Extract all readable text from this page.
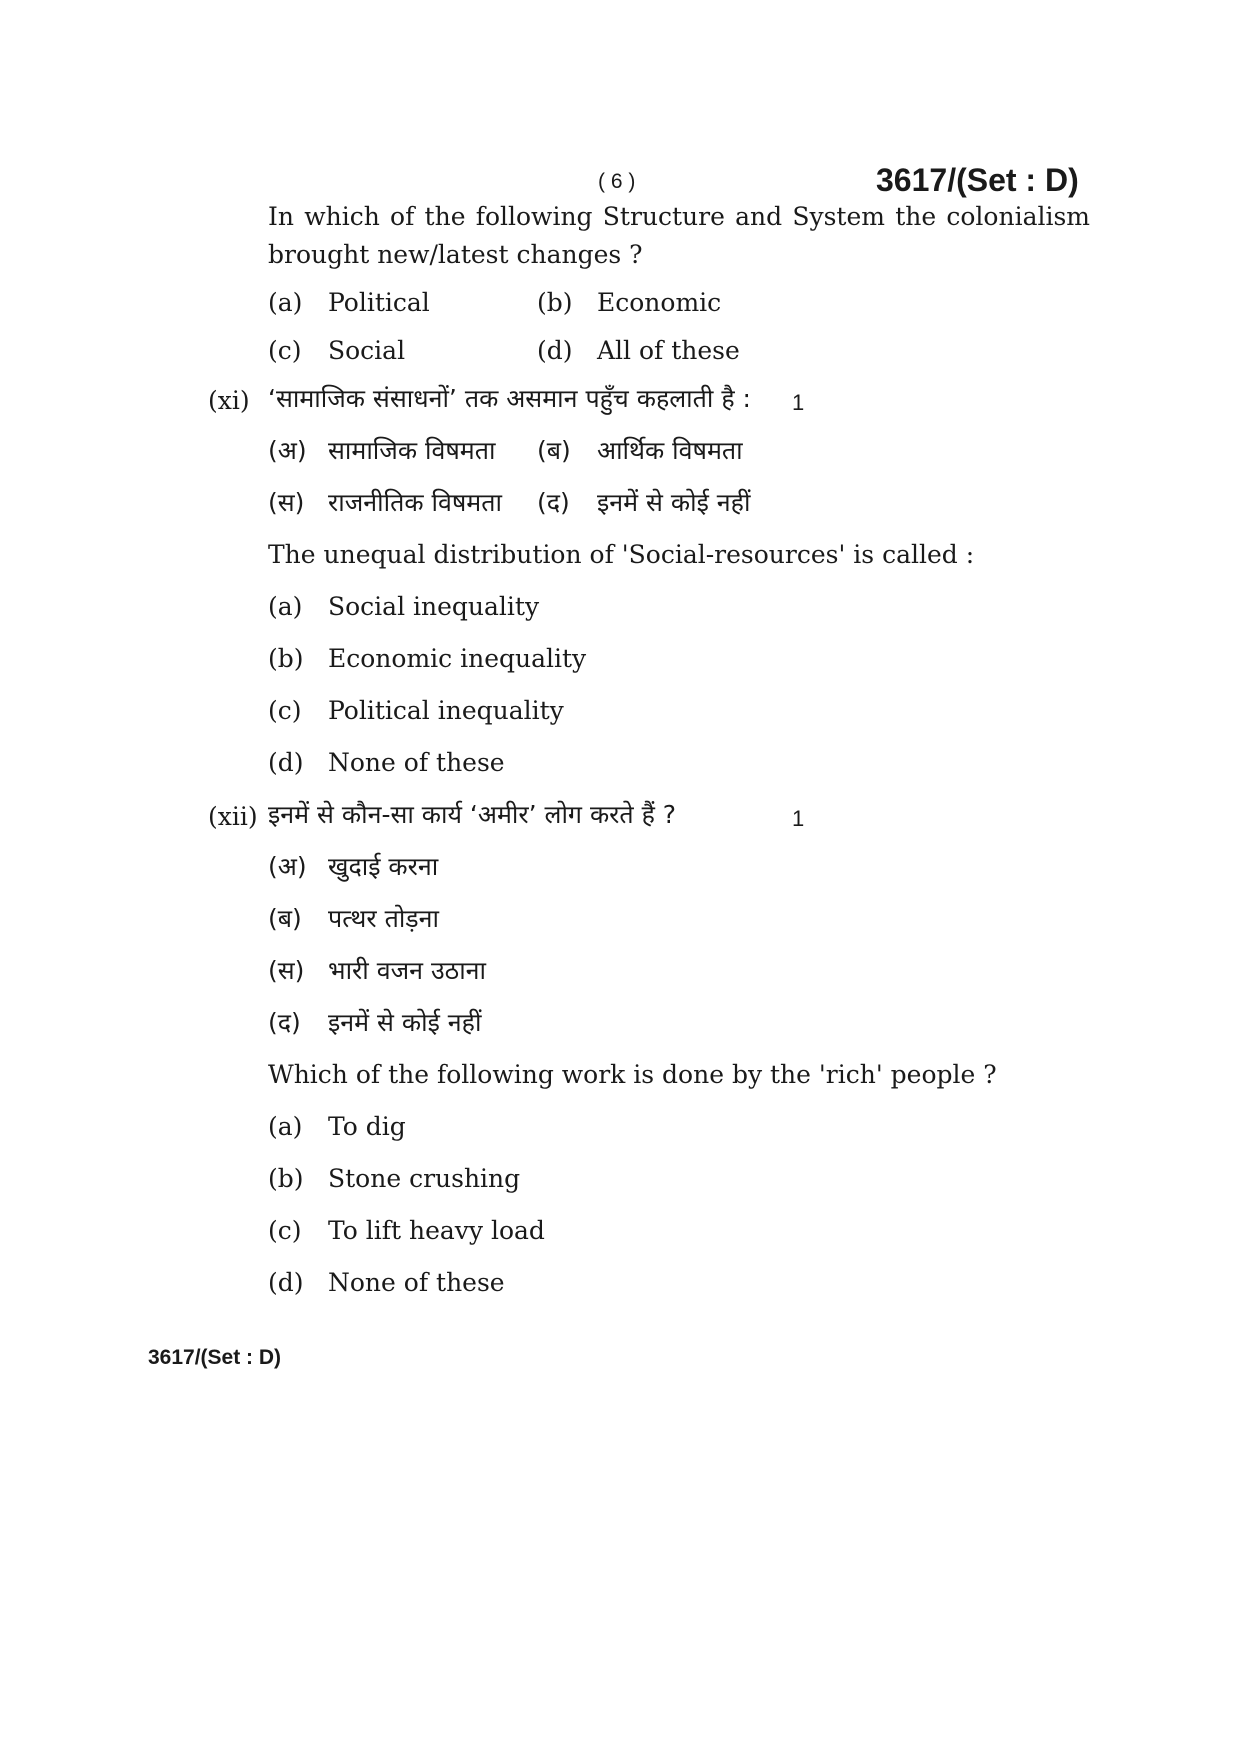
( 6 )	3617/(Set : D)
In which of the following Structure and System the colonialism
brought new/latest changes ?
(a) Political	(b) Economic
(c) Social	(d) All of these
(xi) ‘सामाजिक संसाधनों’ तक असमान पहुँच कहलाती है : 1
(अ) सामाजिक विषमता (ब) आर्थिक विषमता
(स) राजनीतिक विषमता (द) इनमें से कोई नहीं
The unequal distribution of 'Social-resources' is called :
(a) Social inequality
(b) Economic inequality
(c) Political inequality
(d) None of these
(xii) इनमें से कौन-सा कार्य ‘अमीर’ लोग करते हैं ?	1
(अ) खुदाई करना
(ब) पत्थर तोड़ना
(स) भारी वजन उठाना
(द) इनमें से कोई नहीं
Which of the following work is done by the 'rich' people ?
(a) To dig
(b) Stone crushing
(c) To lift heavy load
(d) None of these
3617/(Set : D)
